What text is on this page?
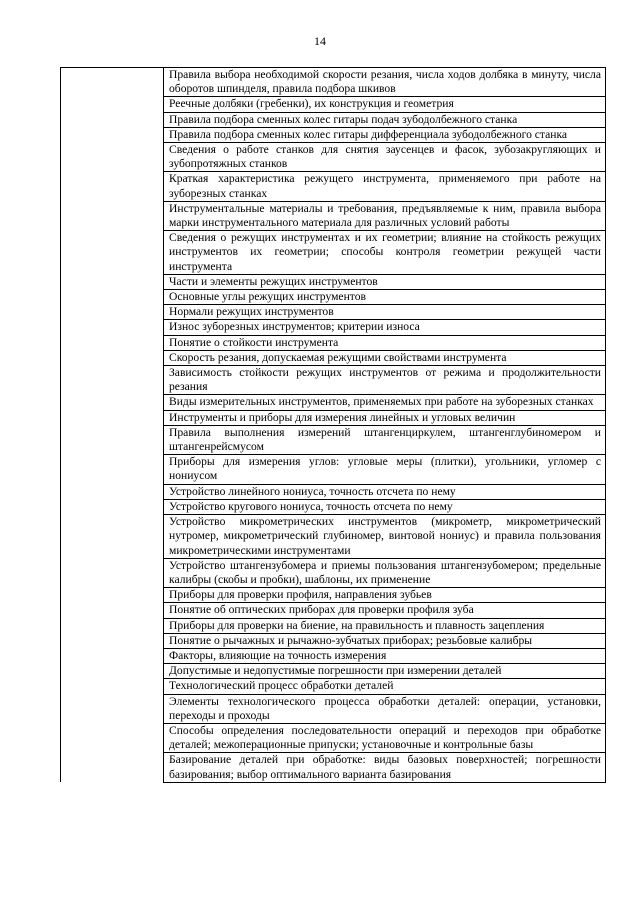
14
	Правила выбора необходимой скорости резания, числа ходов долбяка в минуту, числа оборотов шпинделя, правила подбора шкивов
	Реечные долбяки (гребенки), их конструкция и геометрия
	Правила подбора сменных колес гитары подач зубодолбежного станка
	Правила подбора сменных колес гитары дифференциала зубодолбежного станка
	Сведения о работе станков для снятия заусенцев и фасок, зубозакругляющих и зубопротяжных станков
	Краткая характеристика режущего инструмента, применяемого при работе на зуборезных станках
	Инструментальные материалы и требования, предъявляемые к ним, правила выбора марки инструментального материала для различных условий работы
	Сведения о режущих инструментах и их геометрии; влияние на стойкость режущих инструментов их геометрии; способы контроля геометрии режущей части инструмента
	Части и элементы режущих инструментов
	Основные углы режущих инструментов
	Нормали режущих инструментов
	Износ зуборезных инструментов; критерии износа
	Понятие о стойкости инструмента
	Скорость резания, допускаемая режущими свойствами инструмента
	Зависимость стойкости режущих инструментов от режима и продолжительности резания
	Виды измерительных инструментов, применяемых при работе на зуборезных станках
	Инструменты и приборы для измерения линейных и угловых величин
	Правила выполнения измерений штангенциркулем, штангенглубиномером и штангенрейсмусом
	Приборы для измерения углов: угловые меры (плитки), угольники, угломер с нониусом
	Устройство линейного нониуса, точность отсчета по нему
	Устройство кругового нониуса, точность отсчета по нему
	Устройство микрометрических инструментов (микрометр, микрометрический нутромер, микрометрический глубиномер, винтовой нониус) и правила пользования микрометрическими инструментами
	Устройство штангензубомера и приемы пользования штангензубомером; предельные калибры (скобы и пробки), шаблоны, их применение
	Приборы для проверки профиля, направления зубьев
	Понятие об оптических приборах для проверки профиля зуба
	Приборы для проверки на биение, на правильность и плавность зацепления
	Понятие о рычажных и рычажно-зубчатых приборах; резьбовые калибры
	Факторы, влияющие на точность измерения
	Допустимые и недопустимые погрешности при измерении деталей
	Технологический процесс обработки деталей
	Элементы технологического процесса обработки деталей: операции, установки, переходы и проходы
	Способы определения последовательности операций и переходов при обработке деталей; межоперационные припуски; установочные и контрольные базы
	Базирование деталей при обработке: виды базовых поверхностей; погрешности базирования; выбор оптимального варианта базирования
